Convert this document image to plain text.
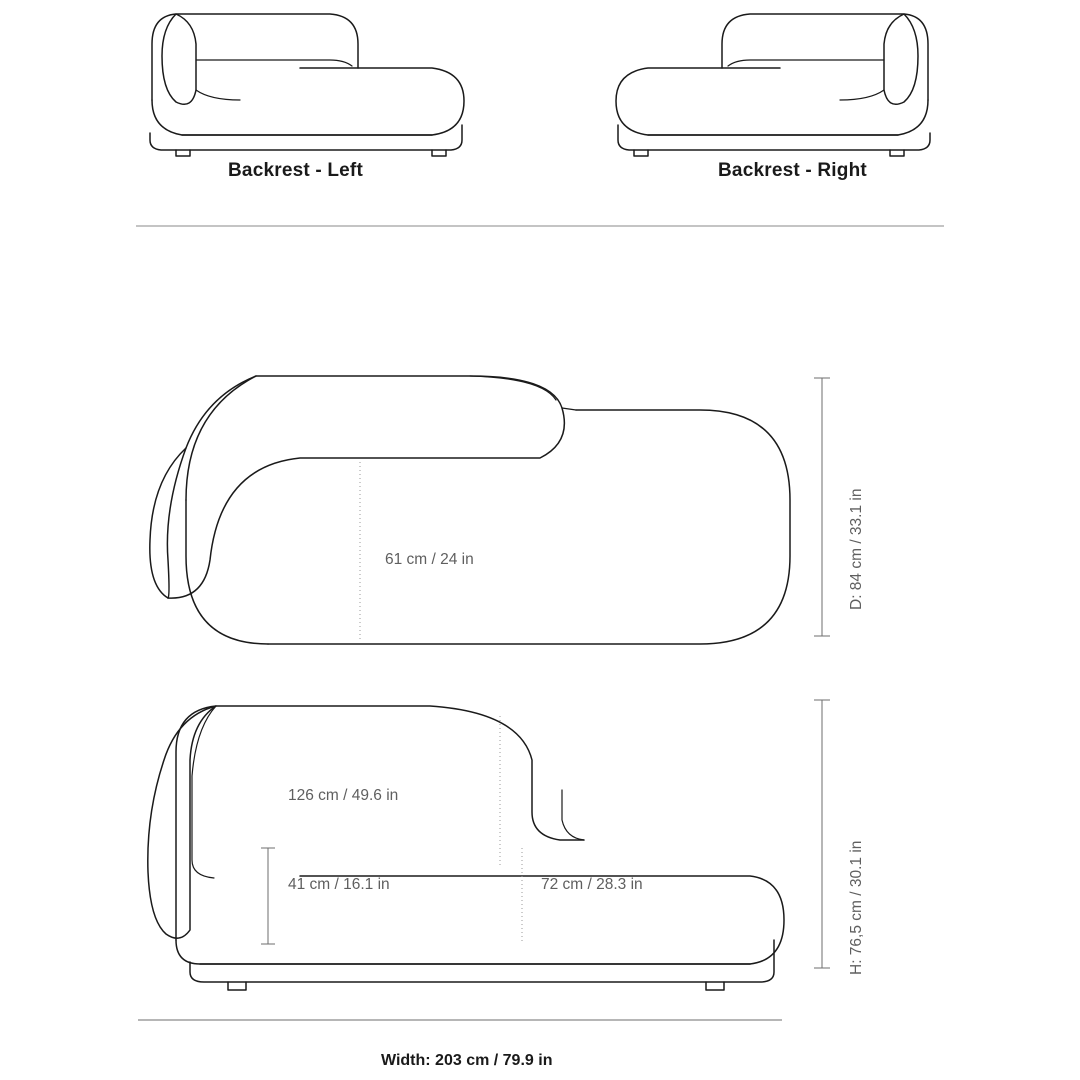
Backrest - Left	Backrest - Right
D: 84 cm / 33.1 in
H: 76,5 cm / 30.1 in
61 cm / 24 in
126 cm / 49.6 in
41 cm / 16.1 in	72 cm / 28.3 in
Width: 203 cm / 79.9 in
